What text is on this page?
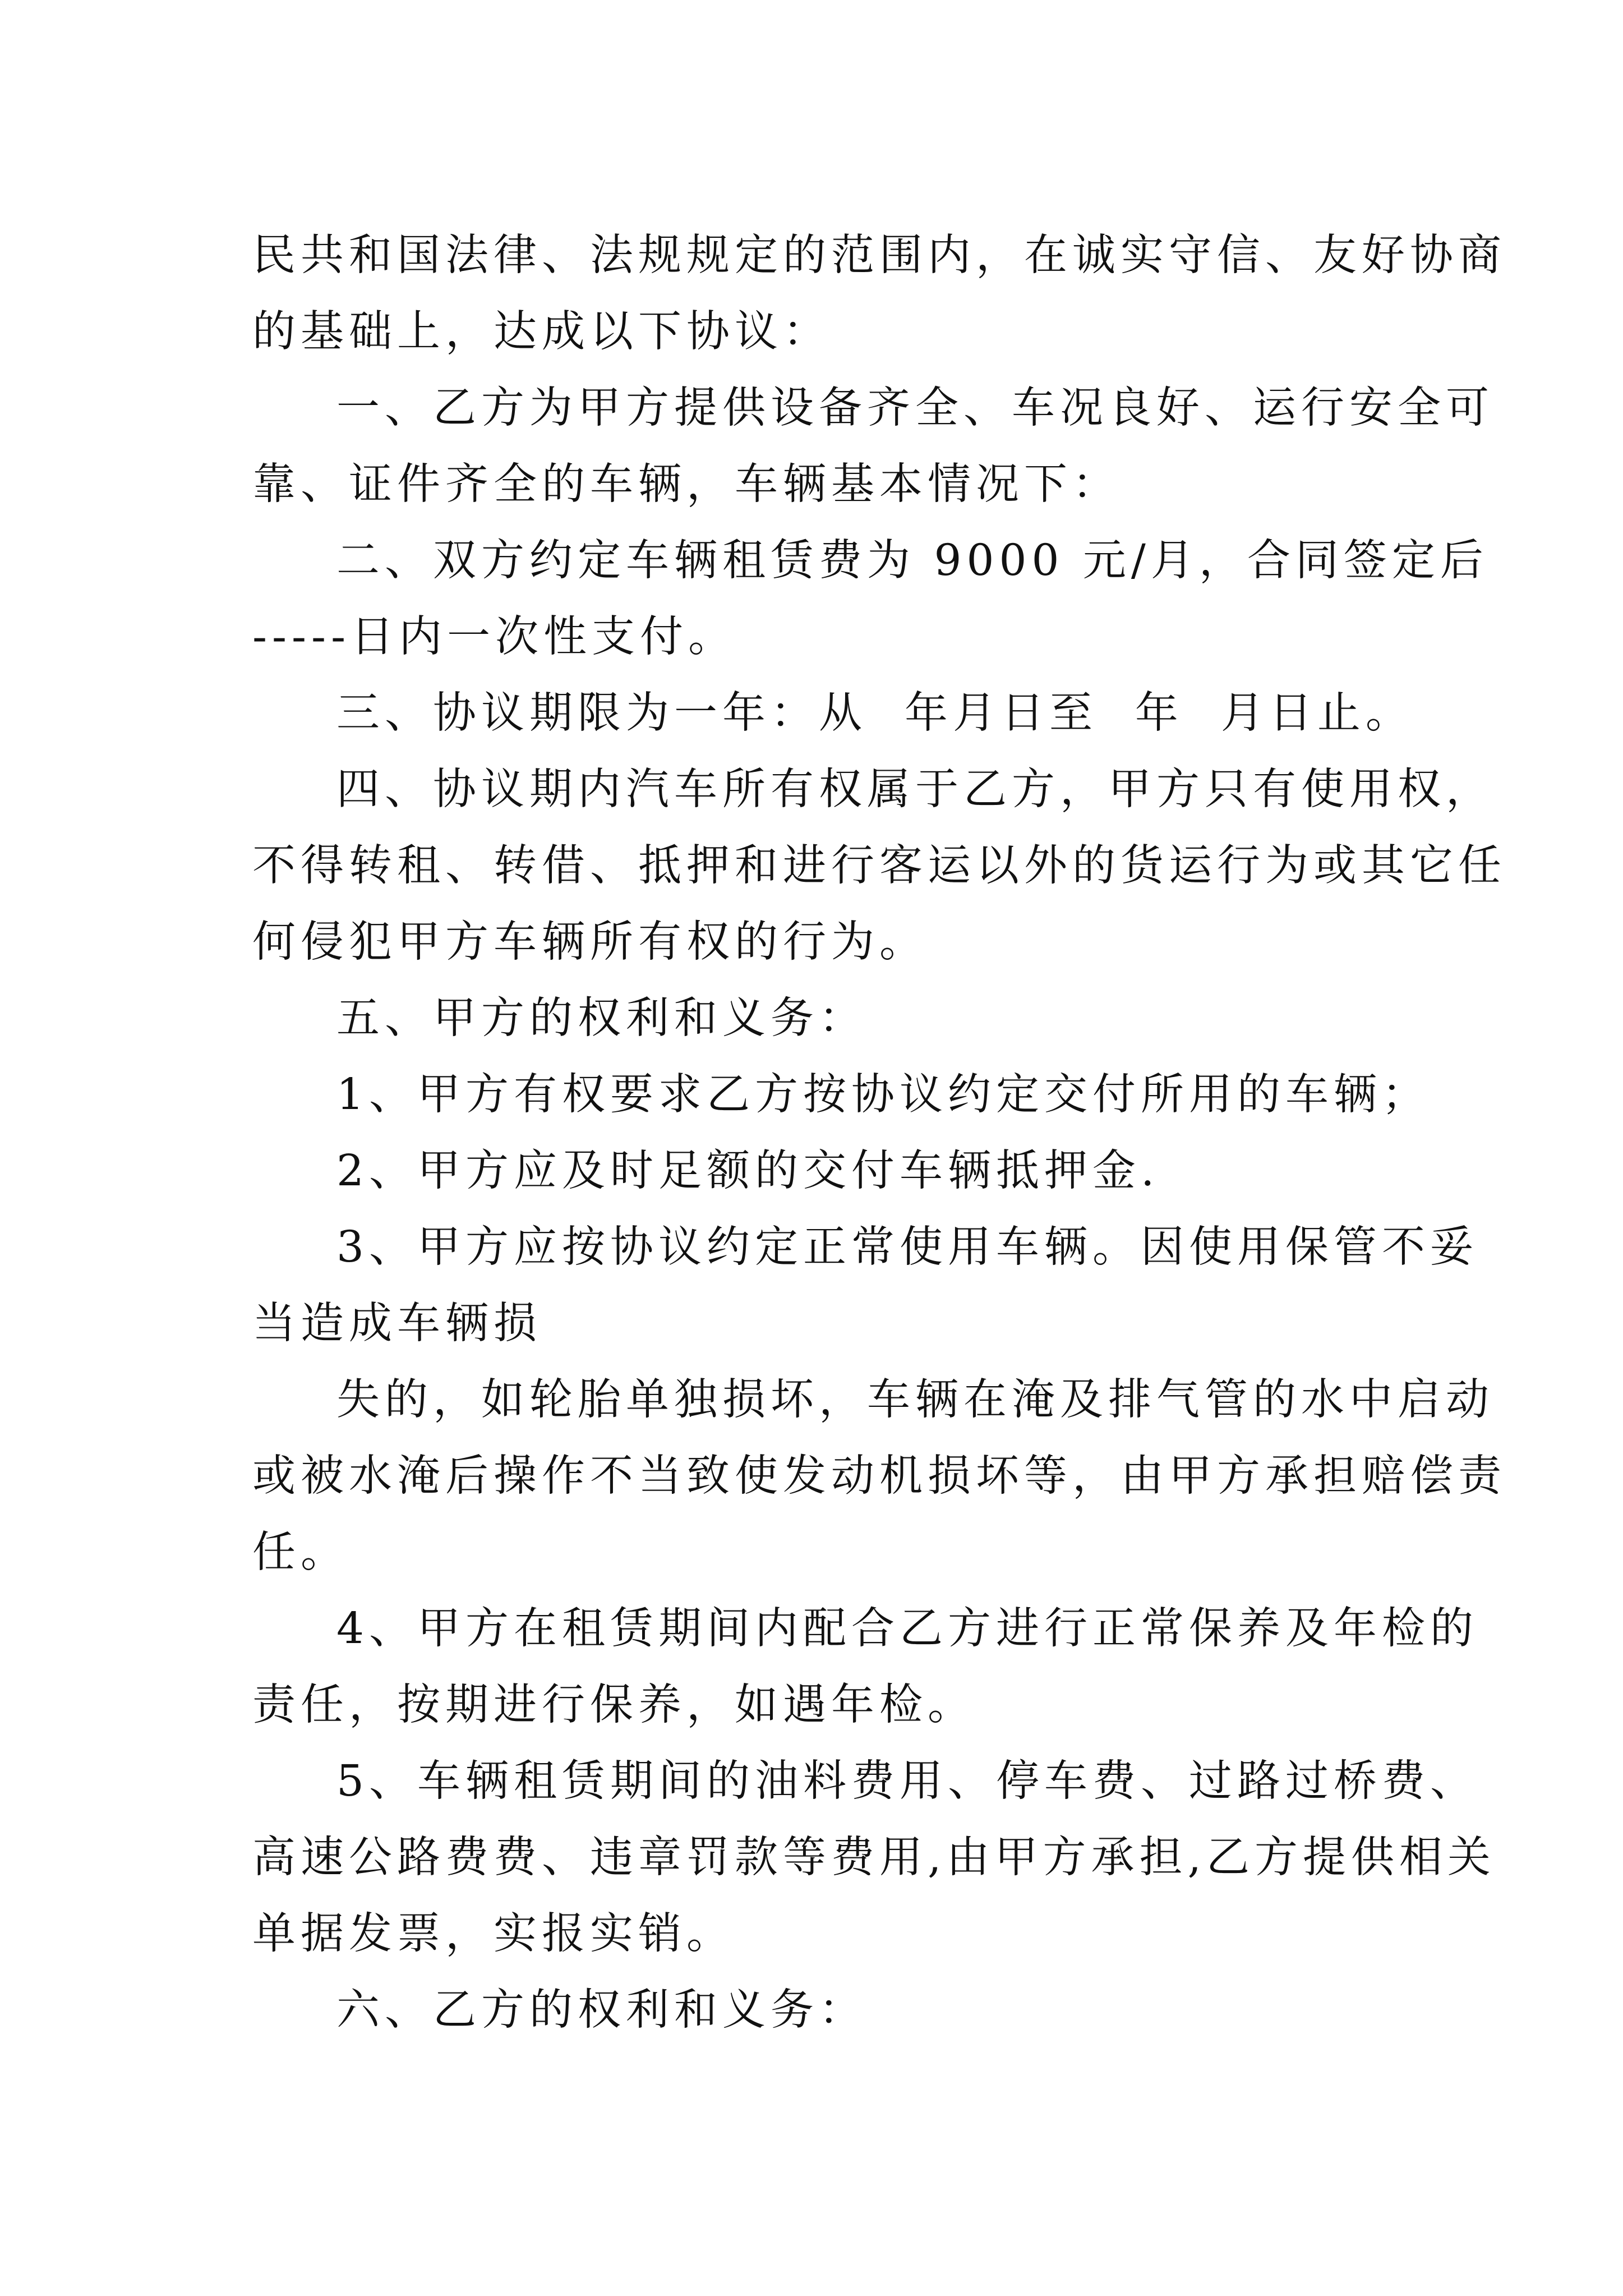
民共和国法律、法规规定的范围内，在诚实守信、友好协商
的基础上，达成以下协议：
一、乙方为甲方提供设备齐全、车况良好、运行安全可
靠、证件齐全的车辆，车辆基本情况下：
二、双方约定车辆租赁费为 9000 元/月，合同签定后
-----日内一次性支付。
三、协议期限为一年：从  年月日至  年  月日止。
四、协议期内汽车所有权属于乙方，甲方只有使用权，
不得转租、转借、抵押和进行客运以外的货运行为或其它任
何侵犯甲方车辆所有权的行为。
五、甲方的权利和义务：
1、甲方有权要求乙方按协议约定交付所用的车辆；
2、甲方应及时足额的交付车辆抵押金.
3、甲方应按协议约定正常使用车辆。因使用保管不妥
当造成车辆损
失的，如轮胎单独损坏，车辆在淹及排气管的水中启动
或被水淹后操作不当致使发动机损坏等，由甲方承担赔偿责
任。
4、甲方在租赁期间内配合乙方进行正常保养及年检的
责任，按期进行保养，如遇年检。
5、车辆租赁期间的油料费用、停车费、过路过桥费、
高速公路费费、违章罚款等费用,由甲方承担,乙方提供相关
单据发票，实报实销。
六、乙方的权利和义务：
